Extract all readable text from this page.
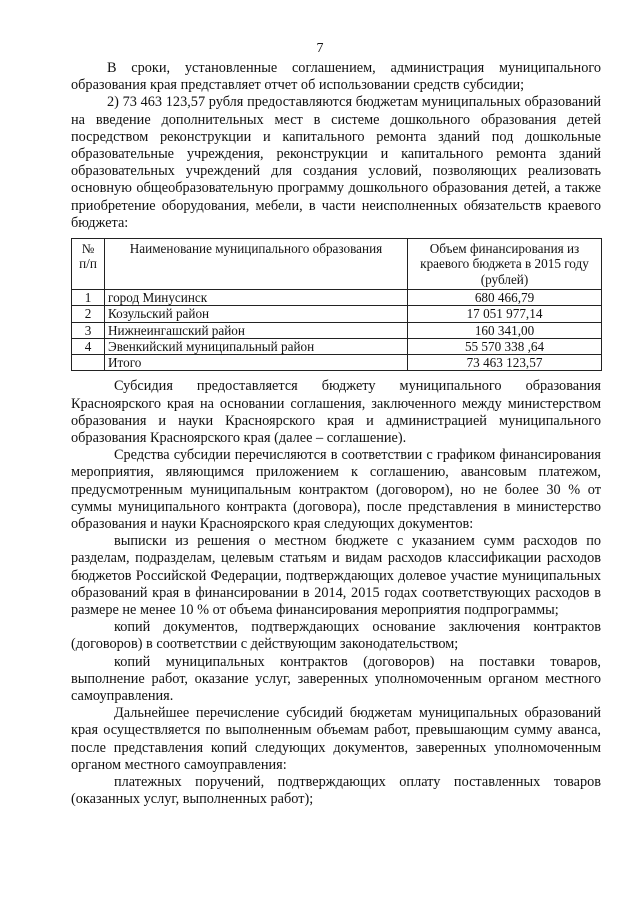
7

В сроки, установленные соглашением, администрация муниципального образования края представляет отчет об использовании средств субсидии;

2) 73 463 123,57 рубля предоставляются бюджетам муниципальных образований на введение дополнительных мест в системе дошкольного образования детей посредством реконструкции и капитального ремонта зданий под дошкольные образовательные учреждения, реконструкции и капитального ремонта зданий образовательных учреждений для создания условий, позволяющих реализовать основную общеобразовательную программу дошкольного образования детей, а также приобретение оборудования, мебели, в части неисполненных обязательств краевого бюджета:

№ п/п	Наименование муниципального образования	Объем финансирования из краевого бюджета в 2015 году (рублей)
1	город Минусинск	680 466,79
2	Козульский район	17 051 977,14
3	Нижнеингашский район	160 341,00
4	Эвенкийский муниципальный район	55 570 338 ,64
	Итого	73 463 123,57

Субсидия предоставляется бюджету муниципального образования Красноярского края на основании соглашения, заключенного между министерством образования и науки Красноярского края и администрацией муниципального образования Красноярского края (далее – соглашение).

Средства субсидии перечисляются в соответствии с графиком финансирования мероприятия, являющимся приложением к соглашению, авансовым платежом, предусмотренным муниципальным контрактом (договором), но не более 30 % от суммы муниципального контракта (договора), после представления в министерство образования и науки Красноярского края следующих документов:

выписки из решения о местном бюджете с указанием сумм расходов по разделам, подразделам, целевым статьям и видам расходов классификации расходов бюджетов Российской Федерации, подтверждающих долевое участие муниципальных образований края в финансировании в 2014, 2015 годах соответствующих расходов в размере не менее 10 % от объема финансирования мероприятия подпрограммы;

копий документов, подтверждающих основание заключения контрактов (договоров) в соответствии с действующим законодательством;

копий муниципальных контрактов (договоров) на поставки товаров, выполнение работ, оказание услуг, заверенных уполномоченным органом местного самоуправления.

Дальнейшее перечисление субсидий бюджетам муниципальных образований края осуществляется по выполненным объемам работ, превышающим сумму аванса, после представления копий следующих документов, заверенных уполномоченным органом местного самоуправления:

платежных поручений, подтверждающих оплату поставленных товаров (оказанных услуг, выполненных работ);
